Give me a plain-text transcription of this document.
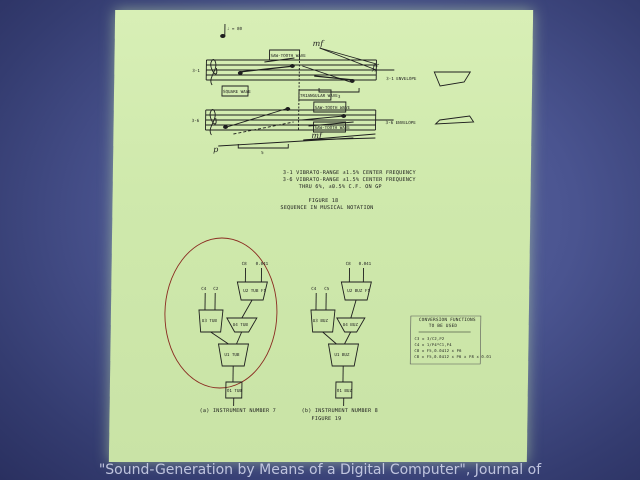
C4 C2
C8 0.041
U2 TUB F1
U3 TUB
U4 TUB
U1 TUB
O1 TUB
C4 C5
C8 0.041
U2 BUZ F1
U3 BUZ
U4 BUZ
U1 BUZ
O1 BUZ
♩ = 80
3-1
3-6
SAW-TOOTH WAVE
TRIANGULAR WAVE
SQUARE WAVE
SAW-TOOTH WAVE
SAW-TOOTH WAVE
3
5
3-1 ENVELOPE
3-6 ENVELOPE
mf
ff
p
mf
3-1 VIBRATO-RANGE ±1.5% CENTER FREQUENCY
3-6 VIBRATO-RANGE ±1.5% CENTER FREQUENCY
THRU 6%, ±0.5% C.F. ON GP
FIGURE 18
SEQUENCE IN MUSICAL NOTATION
(a) INSTRUMENT NUMBER 7	(b) INSTRUMENT NUMBER 8
FIGURE 19
CONVERSION FUNCTIONS
TO BE USED
C3 = 3/C2,P2
C4 = 1/P4*C1,P4
C8 = F5,0.0412 x P6
C8 = F5,0.0412 x P6 x P8 x 0.01
"Sound-Generation by Means of a Digital Computer", Journal of
